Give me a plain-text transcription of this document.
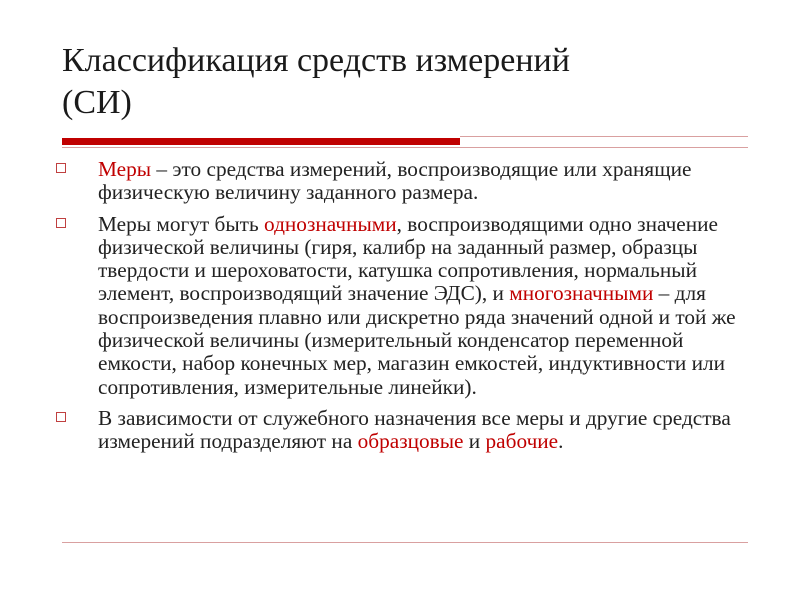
Классификация средств измерений
(СИ)
Меры – это средства измерений, воспроизводящие или хранящие физическую величину заданного размера.
Меры могут быть однозначными, воспроизводящими одно значение физической величины (гиря, калибр на заданный размер, образцы твердости и шероховатости, катушка сопротивления, нормальный элемент, воспроизводящий значение ЭДС), и многозначными – для воспроизведения плавно или дискретно ряда значений одной и той же физической величины (измерительный конденсатор переменной емкости, набор конечных мер, магазин емкостей, индуктивности или сопротивления, измерительные линейки).
В зависимости от служебного назначения все меры и другие средства измерений подразделяют на образцовые и рабочие.
